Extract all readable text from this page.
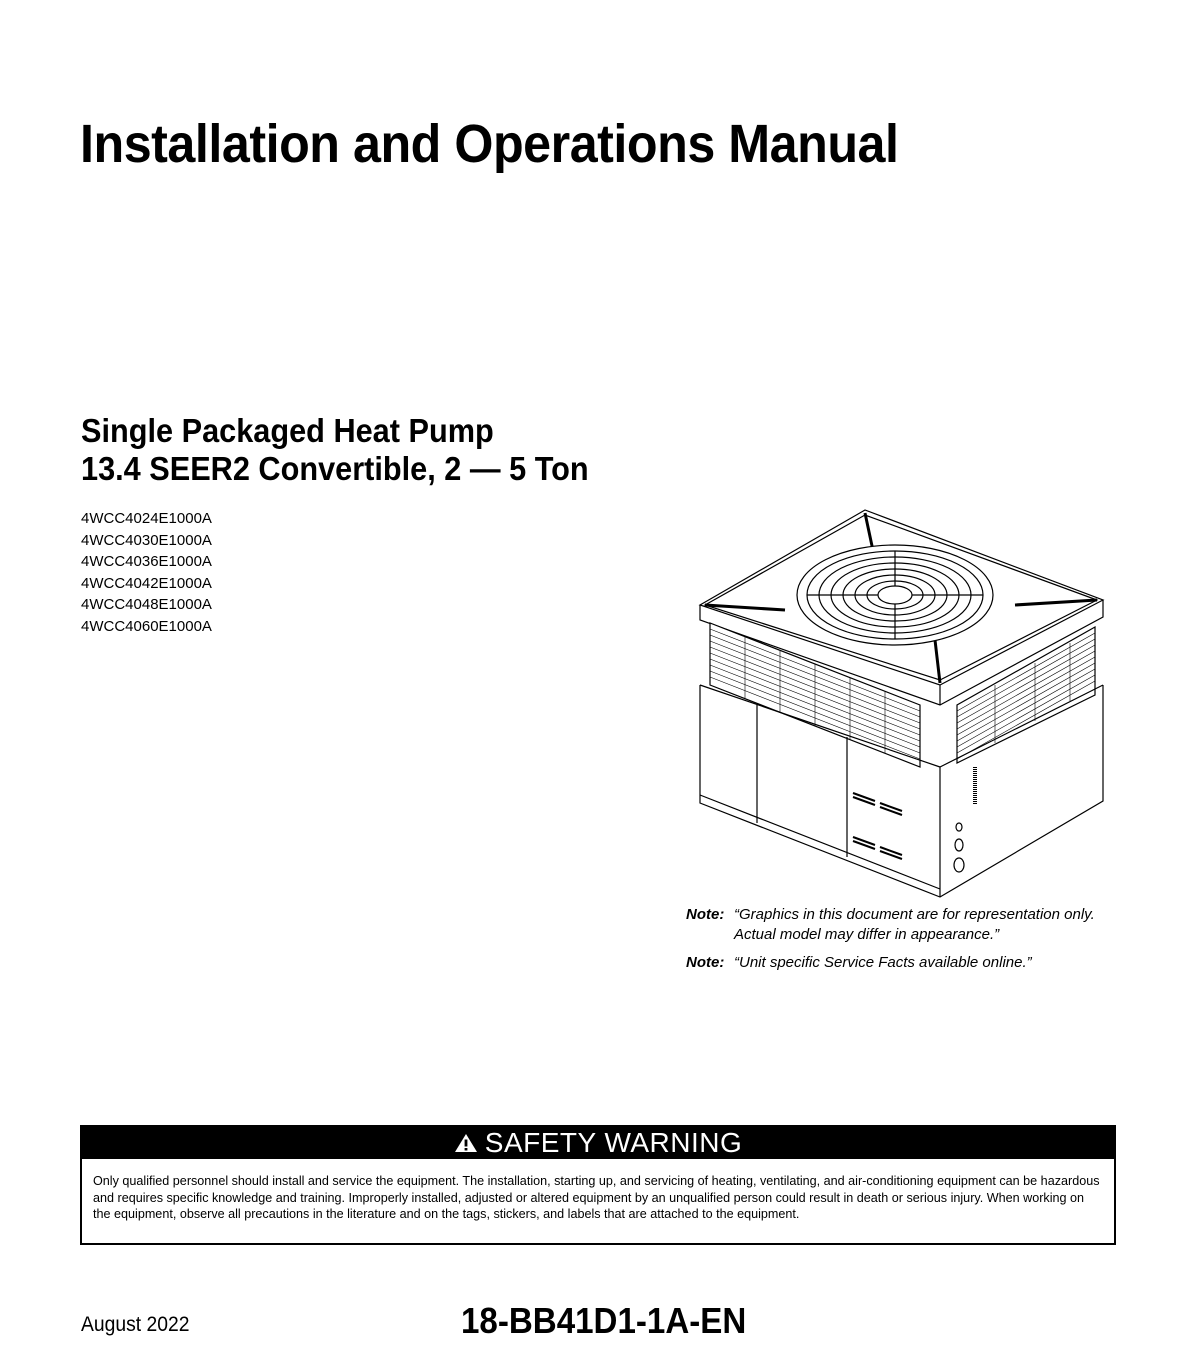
Installation and Operations Manual
Single Packaged Heat Pump
13.4 SEER2 Convertible, 2 — 5 Ton
4WCC4024E1000A
4WCC4030E1000A
4WCC4036E1000A
4WCC4042E1000A
4WCC4048E1000A
4WCC4060E1000A
Note: “Graphics in this document are for representation only. Actual model may differ in appearance.”
Note: “Unit specific Service Facts available online.”
SAFETY WARNING
Only qualified personnel should install and service the equipment. The installation, starting up, and servicing of heating, ventilating, and air-conditioning equipment can be hazardous and requires specific knowledge and training. Improperly installed, adjusted or altered equipment by an unqualified person could result in death or serious injury. When working on the equipment, observe all precautions in the literature and on the tags, stickers, and labels that are attached to the equipment.
August 2022	18-BB41D1-1A-EN
